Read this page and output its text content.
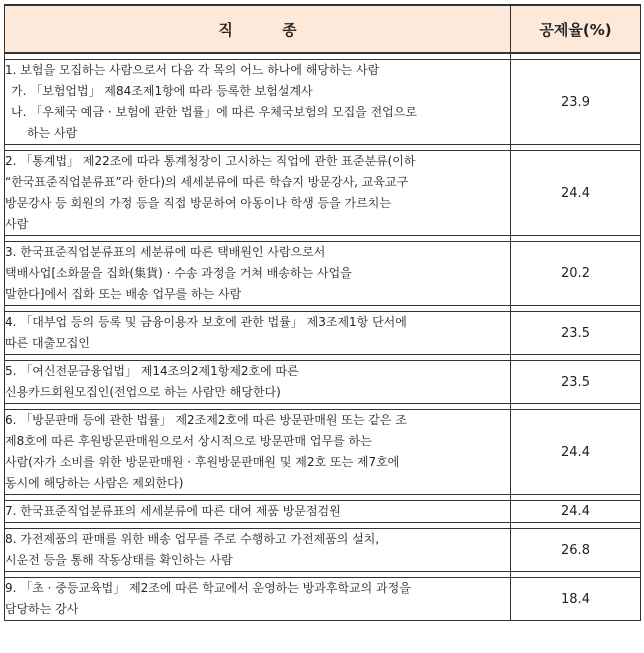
직 종	공제율(%)

1. 보험을 모집하는 사람으로서 다음 각 목의 어느 하나에 해당하는 사람
가. 「보험업법」 제84조제1항에 따라 등록한 보험설계사
나. 「우체국 예금 · 보험에 관한 법률」에 따른 우체국보험의 모집을 전업으로
하는 사람	23.9

2. 「통계법」 제22조에 따라 통계청장이 고시하는 직업에 관한 표준분류(이하
“한국표준직업분류표”라 한다)의 세세분류에 따른 학습지 방문강사, 교육교구
방문강사 등 회원의 가정 등을 직접 방문하여 아동이나 학생 등을 가르치는
사람	24.4

3. 한국표준직업분류표의 세분류에 따른 택배원인 사람으로서
택배사업[소화물을 집화(集貨) · 수송 과정을 거쳐 배송하는 사업을
말한다]에서 집화 또는 배송 업무를 하는 사람	20.2

4. 「대부업 등의 등록 및 금융이용자 보호에 관한 법률」 제3조제1항 단서에
따른 대출모집인	23.5

5. 「여신전문금융업법」 제14조의2제1항제2호에 따른
신용카드회원모집인(전업으로 하는 사람만 해당한다)	23.5

6. 「방문판매 등에 관한 법률」 제2조제2호에 따른 방문판매원 또는 같은 조
제8호에 따른 후원방문판매원으로서 상시적으로 방문판매 업무를 하는
사람(자가 소비를 위한 방문판매원 · 후원방문판매원 및 제2호 또는 제7호에
동시에 해당하는 사람은 제외한다)	24.4

7. 한국표준직업분류표의 세세분류에 따른 대여 제품 방문점검원	24.4

8. 가전제품의 판매를 위한 배송 업무를 주로 수행하고 가전제품의 설치,
시운전 등을 통해 작동상태를 확인하는 사람	26.8

9. 「초 · 중등교육법」 제2조에 따른 학교에서 운영하는 방과후학교의 과정을
담당하는 강사	18.4
